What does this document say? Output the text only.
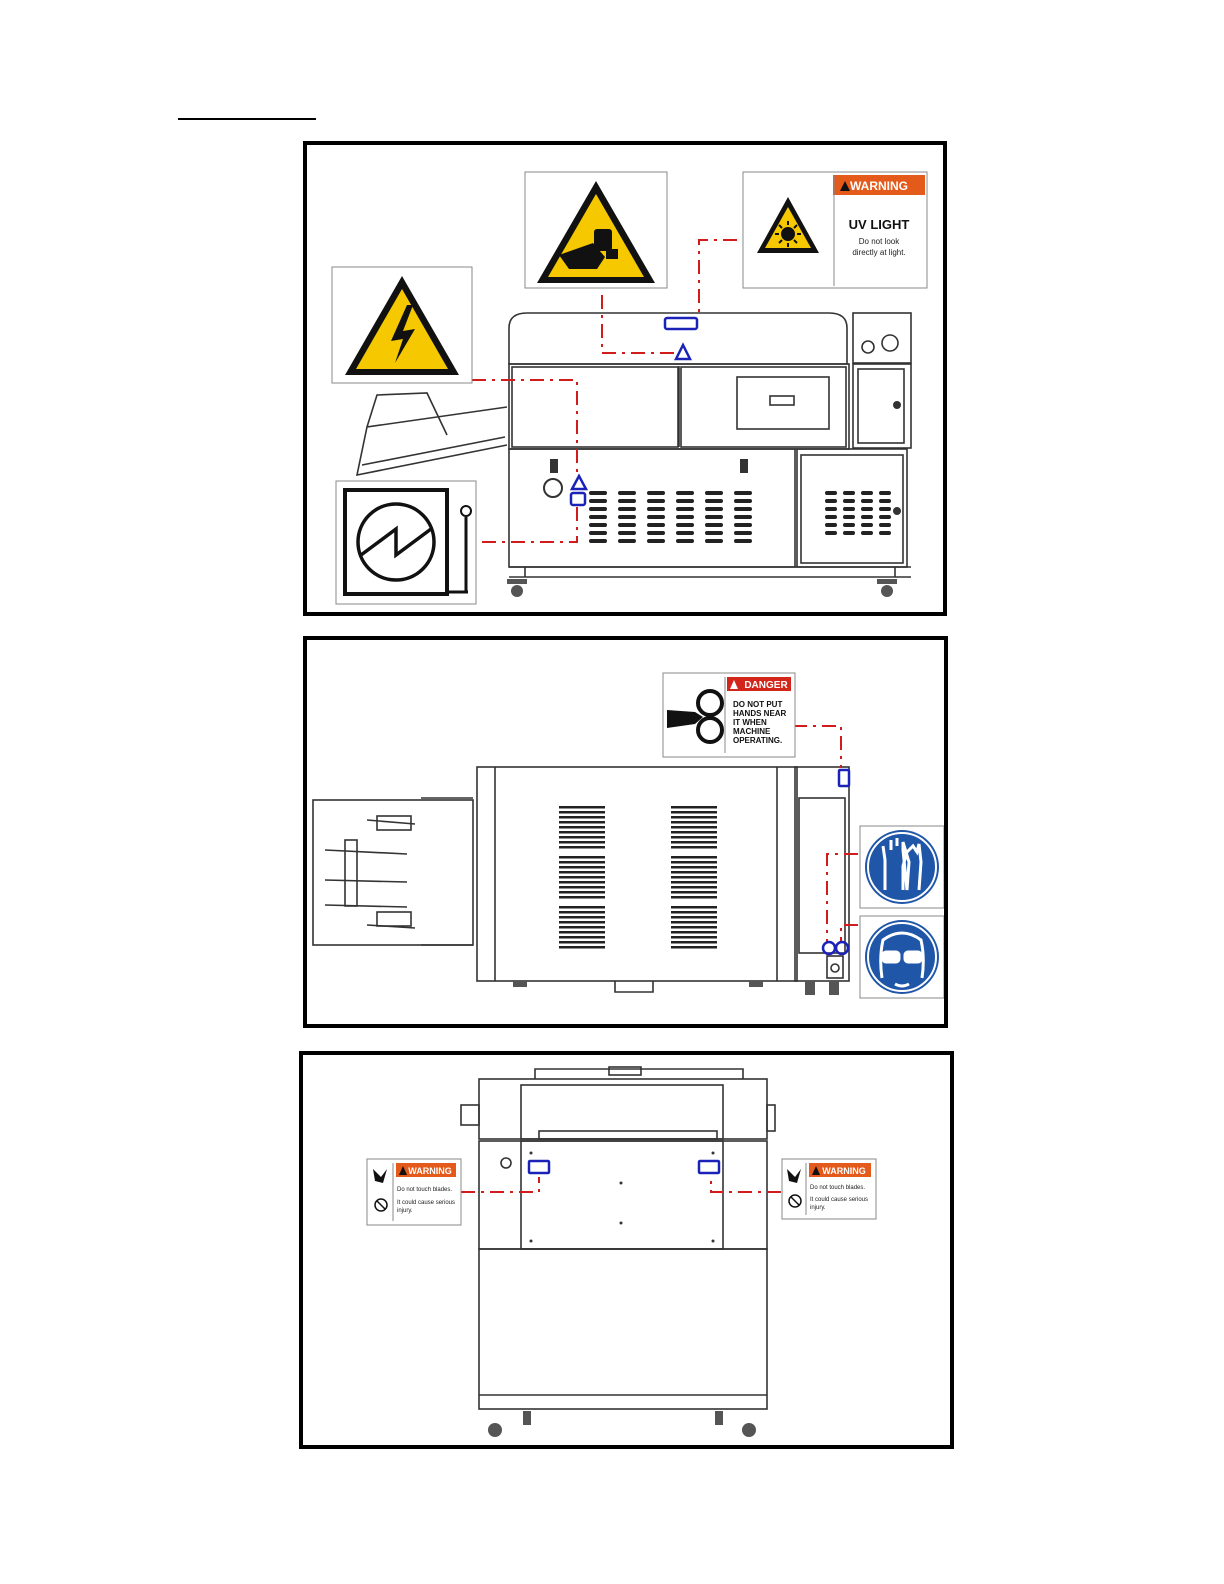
WARNING
UV LIGHT
Do not look
directly at light.
DANGER
DO NOT PUT
HANDS NEAR
IT WHEN
MACHINE
OPERATING.
WARNING
Do not touch blades.
It could cause serious
injury.
WARNING
Do not touch blades.
It could cause serious
injury.
